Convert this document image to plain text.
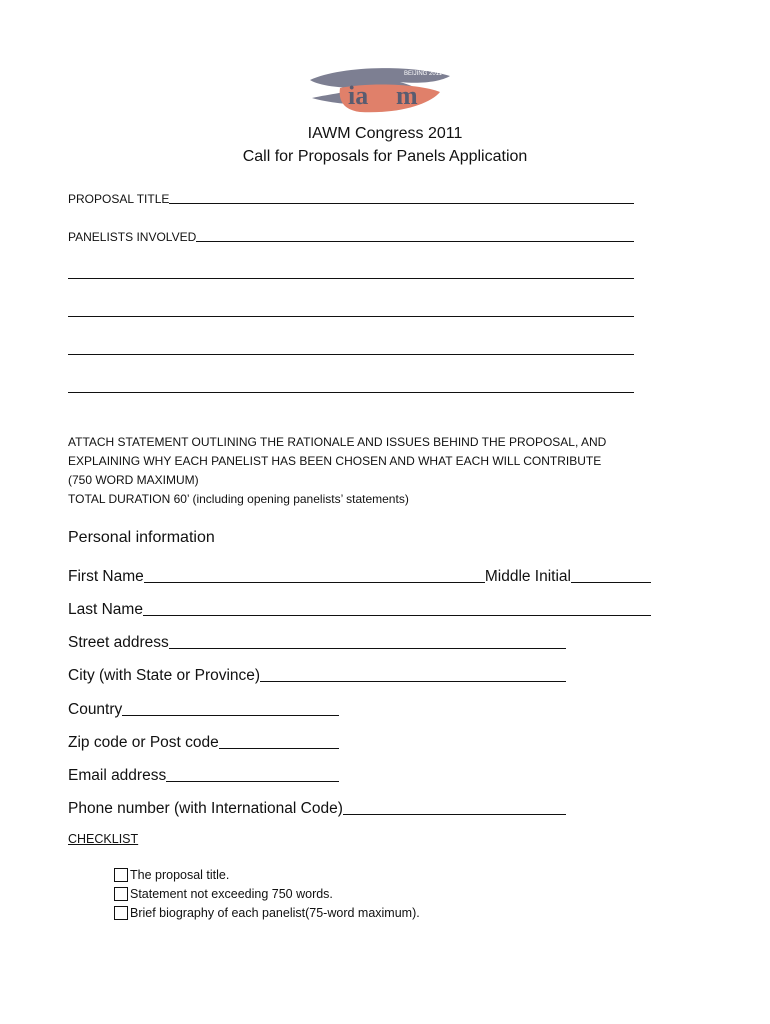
ia m
BEIJING 2011
IAWM Congress 2011
Call for Proposals for Panels Application
PROPOSAL TITLE
PANELISTS INVOLVED
ATTACH STATEMENT OUTLINING THE RATIONALE AND ISSUES BEHIND THE PROPOSAL, AND
EXPLAINING WHY EACH PANELIST HAS BEEN CHOSEN AND WHAT EACH WILL CONTRIBUTE
(750 WORD MAXIMUM)
TOTAL DURATION 60’ (including opening panelists’ statements)
Personal information
First Name	Middle Initial
Last Name
Street address
City (with State or Province)
Country
Zip code or Post code
Email address
Phone number (with International Code)
CHECKLIST
The proposal title.
Statement not exceeding 750 words.
Brief biography of each panelist(75-word maximum).
